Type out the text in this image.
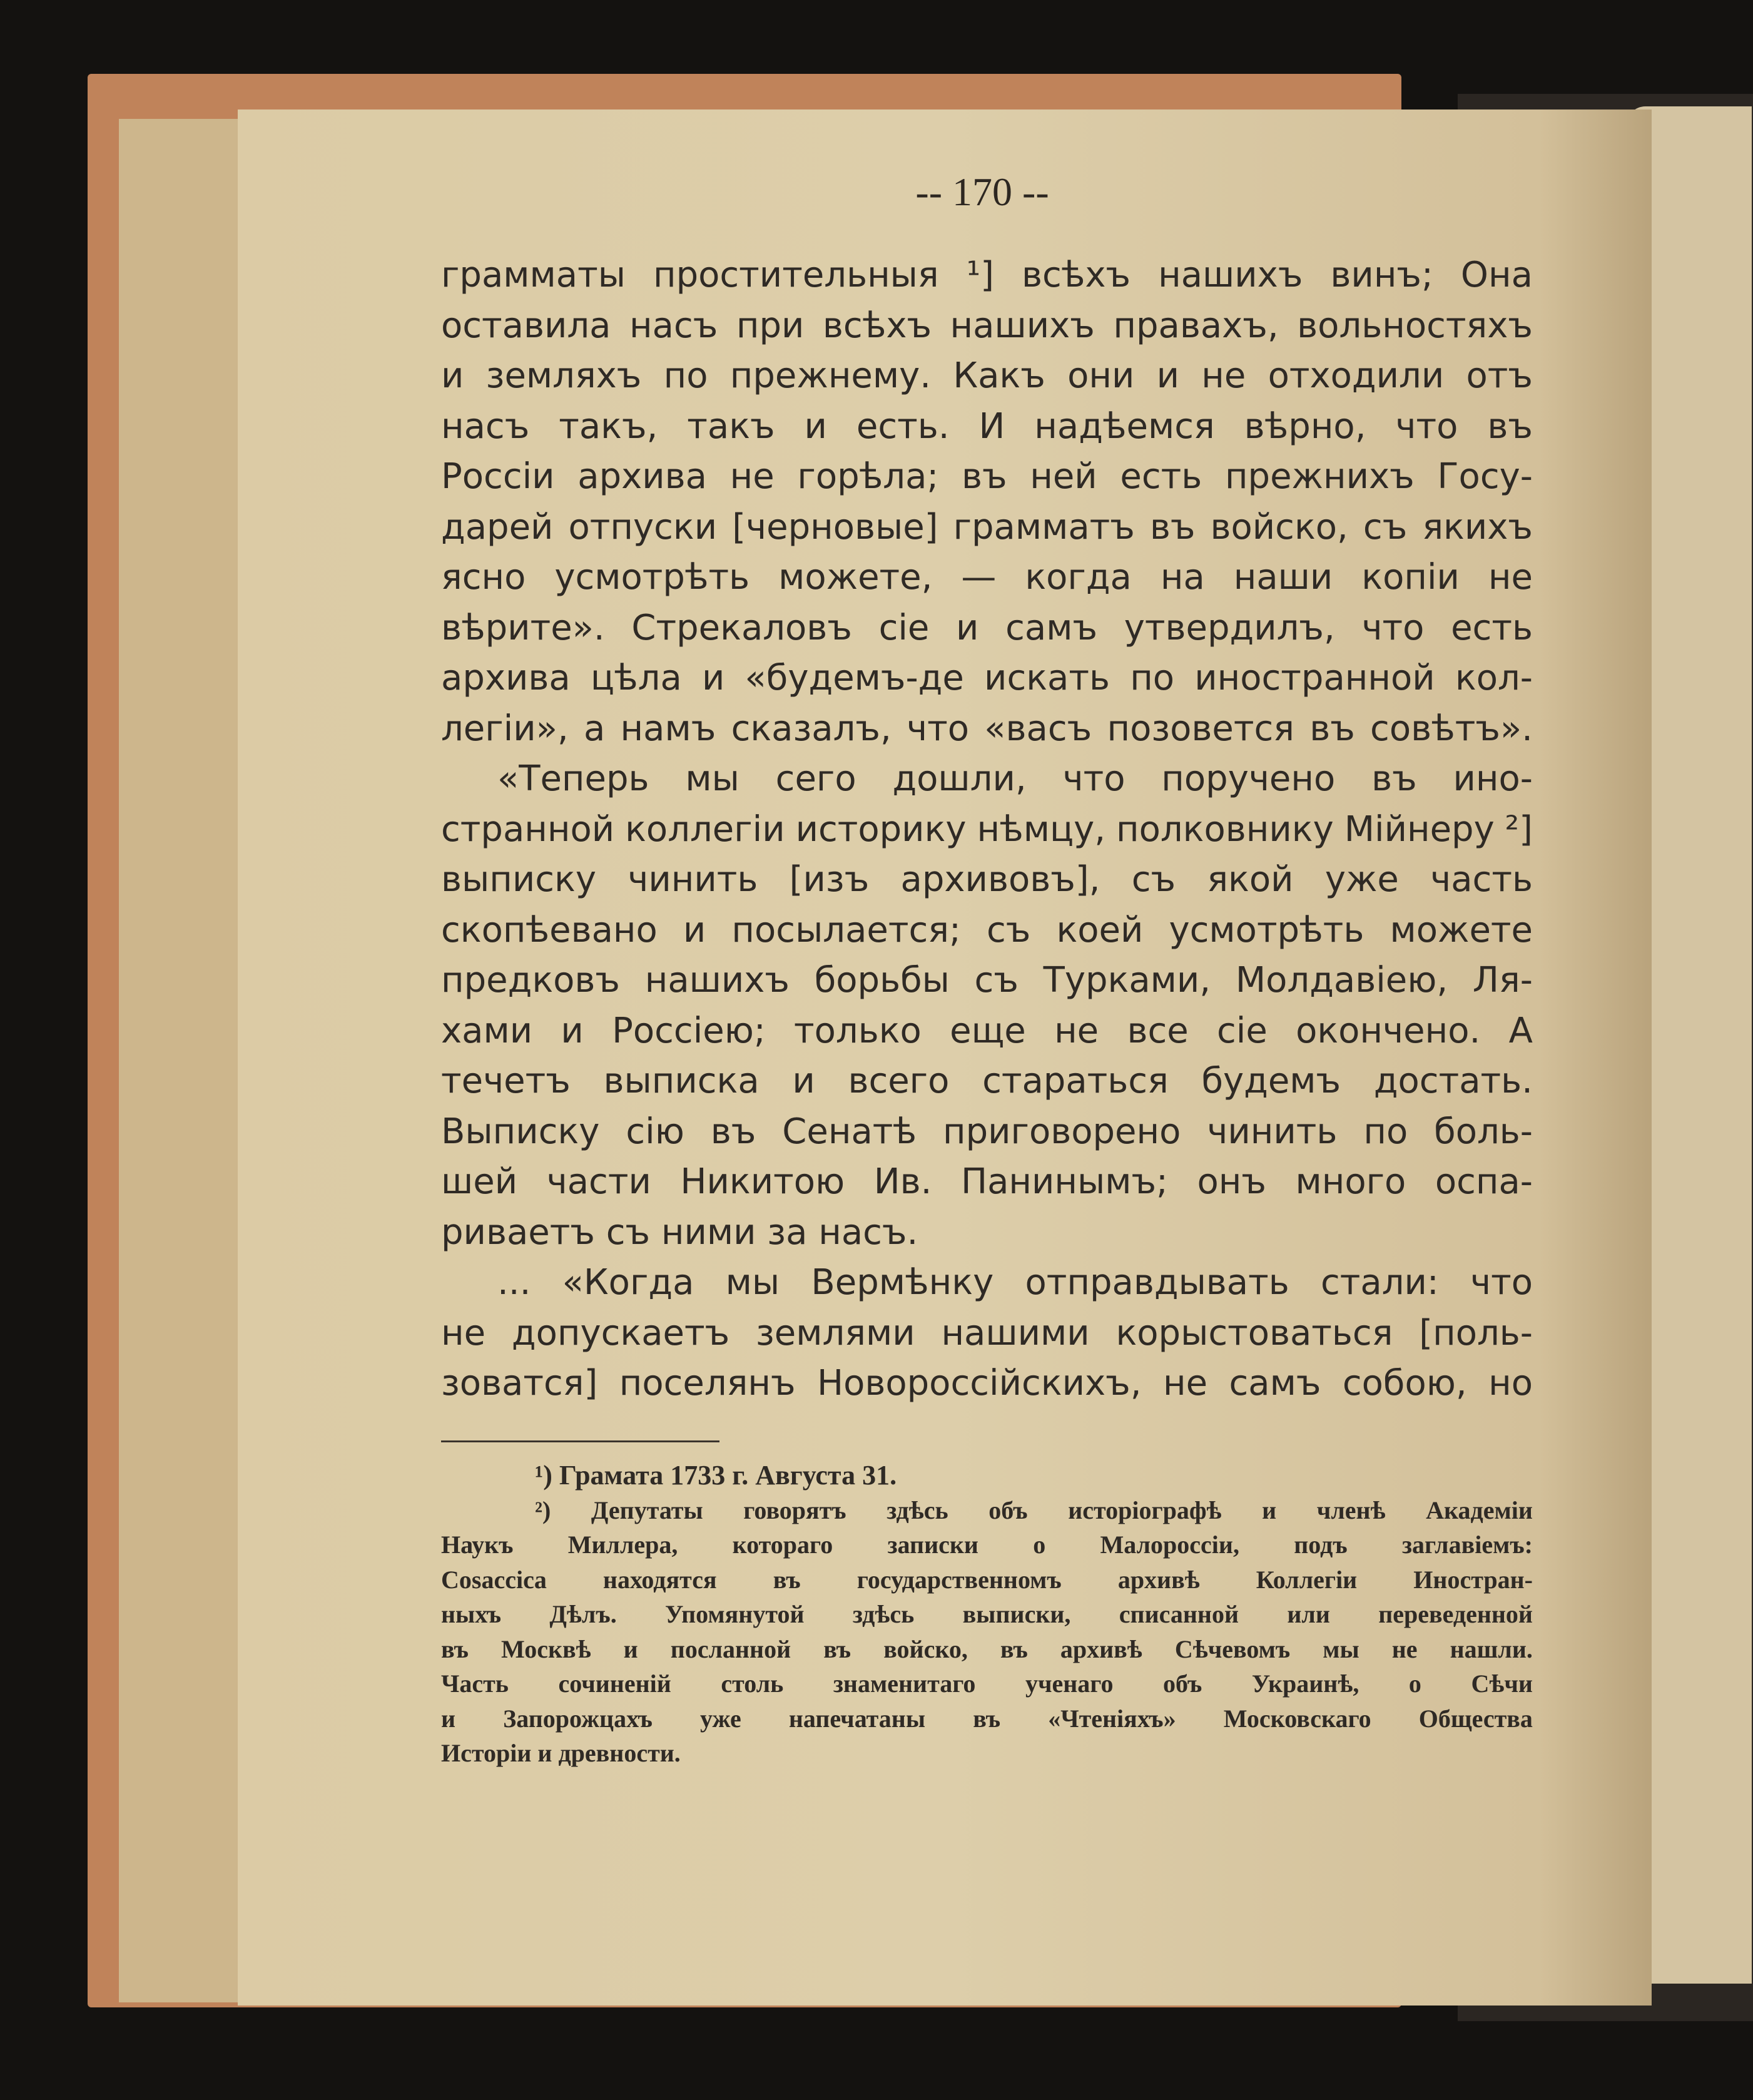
-- 170 --
грамматы простительныя ¹] всѣхъ нашихъ винъ; Она
оставила насъ при всѣхъ нашихъ правахъ, вольностяхъ
и земляхъ по прежнему. Какъ они и не отходили отъ
насъ такъ, такъ и есть. И надѣемся вѣрно, что въ
Россіи архива не горѣла; въ ней есть прежнихъ Госу-
дарей отпуски [черновые] грамматъ въ войско, съ якихъ
ясно усмотрѣть можете, — когда на наши копіи не
вѣрите». Стрекаловъ сіе и самъ утвердилъ, что есть
архива цѣла и «будемъ-де искать по иностранной кол-
легіи», а намъ сказалъ, что «васъ позовется въ совѣтъ».
«Теперь мы сего дошли, что поручено въ ино-
странной коллегіи историку нѣмцу, полковнику Мійнеру ²]
выписку чинить [изъ архивовъ], съ якой уже часть
скопѣевано и посылается; съ коей усмотрѣть можете
предковъ нашихъ борьбы съ Турками, Молдавіею, Ля-
хами и Россіею; только еще не все сіе окончено. А
течетъ выписка и всего стараться будемъ достать.
Выписку сію въ Сенатѣ приговорено чинить по боль-
шей части Никитою Ив. Панинымъ; онъ много оспа-
риваетъ съ ними за насъ.
... «Когда мы Вермѣнку отправдывать стали: что
не допускаетъ землями нашими корыстоваться [поль-
зоватся] поселянъ Новороссійскихъ, не самъ собою, но
¹) Грамата 1733 г. Августа 31.
²) Депутаты говорятъ здѣсь объ исторіографѣ и членѣ Академіи
Наукъ Миллера, котораго записки о Малороссіи, подъ заглавіемъ:
Cosaccica находятся въ государственномъ архивѣ Коллегіи Иностран-
ныхъ Дѣлъ. Упомянутой здѣсь выписки, списанной или переведенной
въ Москвѣ и посланной въ войско, въ архивѣ Сѣчевомъ мы не нашли.
Часть сочиненій столь знаменитаго ученаго объ Украинѣ, о Сѣчи
и Запорожцахъ уже напечатаны въ «Чтеніяхъ» Московскаго Общества
Исторіи и древности.
